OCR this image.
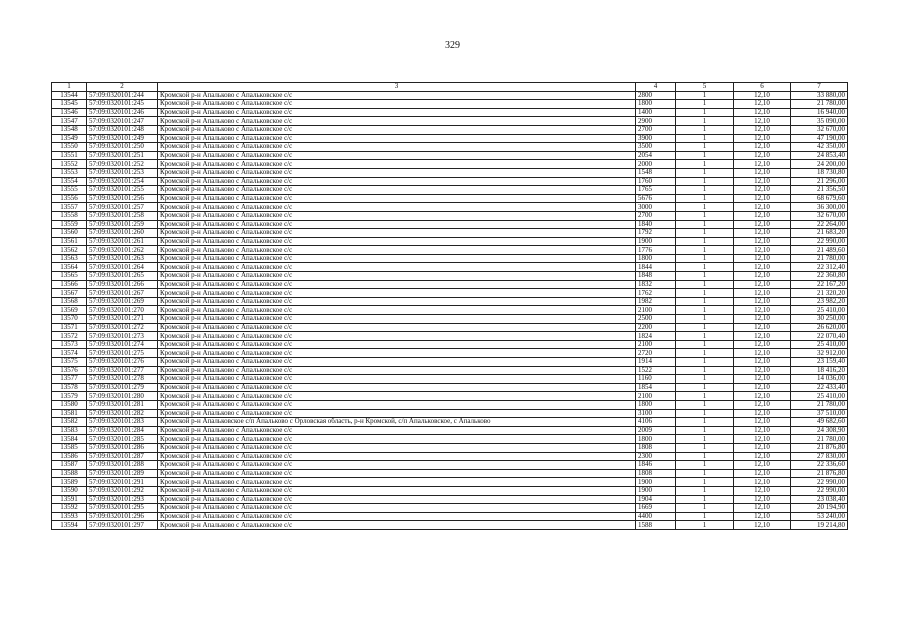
329
1	2	3	4	5	6	7
13544	57:09:0320101:244	Кромской р-н Апальково с Апальковское с/с	2800	1	12,10	33 880,00
13545	57:09:0320101:245	Кромской р-н Апальково с Апальковское с/с	1800	1	12,10	21 780,00
13546	57:09:0320101:246	Кромской р-н Апальково с Апальковское с/с	1400	1	12,10	16 940,00
13547	57:09:0320101:247	Кромской р-н Апальково с Апальковское с/с	2900	1	12,10	35 090,00
13548	57:09:0320101:248	Кромской р-н Апальково с Апальковское с/с	2700	1	12,10	32 670,00
13549	57:09:0320101:249	Кромской р-н Апальково с Апальковское с/с	3900	1	12,10	47 190,00
13550	57:09:0320101:250	Кромской р-н Апальково с Апальковское с/с	3500	1	12,10	42 350,00
13551	57:09:0320101:251	Кромской р-н Апальково с Апальковское с/с	2054	1	12,10	24 853,40
13552	57:09:0320101:252	Кромской р-н Апальково с Апальковское с/с	2000	1	12,10	24 200,00
13553	57:09:0320101:253	Кромской р-н Апальково с Апальковское с/с	1548	1	12,10	18 730,80
13554	57:09:0320101:254	Кромской р-н Апальково с Апальковское с/с	1760	1	12,10	21 296,00
13555	57:09:0320101:255	Кромской р-н Апальково с Апальковское с/с	1765	1	12,10	21 356,50
13556	57:09:0320101:256	Кромской р-н Апальково с Апальковское с/с	5676	1	12,10	68 679,60
13557	57:09:0320101:257	Кромской р-н Апальково с Апальковское с/с	3000	1	12,10	36 300,00
13558	57:09:0320101:258	Кромской р-н Апальково с Апальковское с/с	2700	1	12,10	32 670,00
13559	57:09:0320101:259	Кромской р-н Апальково с Апальковское с/с	1840	1	12,10	22 264,00
13560	57:09:0320101:260	Кромской р-н Апальково с Апальковское с/с	1792	1	12,10	21 683,20
13561	57:09:0320101:261	Кромской р-н Апальково с Апальковское с/с	1900	1	12,10	22 990,00
13562	57:09:0320101:262	Кромской р-н Апальково с Апальковское с/с	1776	1	12,10	21 489,60
13563	57:09:0320101:263	Кромской р-н Апальково с Апальковское с/с	1800	1	12,10	21 780,00
13564	57:09:0320101:264	Кромской р-н Апальково с Апальковское с/с	1844	1	12,10	22 312,40
13565	57:09:0320101:265	Кромской р-н Апальково с Апальковское с/с	1848	1	12,10	22 360,80
13566	57:09:0320101:266	Кромской р-н Апальково с Апальковское с/с	1832	1	12,10	22 167,20
13567	57:09:0320101:267	Кромской р-н Апальково с Апальковское с/с	1762	1	12,10	21 320,20
13568	57:09:0320101:269	Кромской р-н Апальково с Апальковское с/с	1982	1	12,10	23 982,20
13569	57:09:0320101:270	Кромской р-н Апальково с Апальковское с/с	2100	1	12,10	25 410,00
13570	57:09:0320101:271	Кромской р-н Апальково с Апальковское с/с	2500	1	12,10	30 250,00
13571	57:09:0320101:272	Кромской р-н Апальково с Апальковское с/с	2200	1	12,10	26 620,00
13572	57:09:0320101:273	Кромской р-н Апальково с Апальковское с/с	1824	1	12,10	22 070,40
13573	57:09:0320101:274	Кромской р-н Апальково с Апальковское с/с	2100	1	12,10	25 410,00
13574	57:09:0320101:275	Кромской р-н Апальково с Апальковское с/с	2720	1	12,10	32 912,00
13575	57:09:0320101:276	Кромской р-н Апальково с Апальковское с/с	1914	1	12,10	23 159,40
13576	57:09:0320101:277	Кромской р-н Апальково с Апальковское с/с	1522	1	12,10	18 416,20
13577	57:09:0320101:278	Кромской р-н Апальково с Апальковское с/с	1160	1	12,10	14 036,00
13578	57:09:0320101:279	Кромской р-н Апальково с Апальковское с/с	1854	1	12,10	22 433,40
13579	57:09:0320101:280	Кромской р-н Апальково с Апальковское с/с	2100	1	12,10	25 410,00
13580	57:09:0320101:281	Кромской р-н Апальково с Апальковское с/с	1800	1	12,10	21 780,00
13581	57:09:0320101:282	Кромской р-н Апальково с Апальковское с/с	3100	1	12,10	37 510,00
13582	57:09:0320101:283	Кромской р-н Апальковское с/п Апальково с Орловская область, р-н Кромской, с/п Апальковское, с Апальково	4106	1	12,10	49 682,60
13583	57:09:0320101:284	Кромской р-н Апальково с Апальковское с/с	2009	1	12,10	24 308,90
13584	57:09:0320101:285	Кромской р-н Апальково с Апальковское с/с	1800	1	12,10	21 780,00
13585	57:09:0320101:286	Кромской р-н Апальково с Апальковское с/с	1808	1	12,10	21 876,80
13586	57:09:0320101:287	Кромской р-н Апальково с Апальковское с/с	2300	1	12,10	27 830,00
13587	57:09:0320101:288	Кромской р-н Апальково с Апальковское с/с	1846	1	12,10	22 336,60
13588	57:09:0320101:289	Кромской р-н Апальково с Апальковское с/с	1808	1	12,10	21 876,80
13589	57:09:0320101:291	Кромской р-н Апальково с Апальковское с/с	1900	1	12,10	22 990,00
13590	57:09:0320101:292	Кромской р-н Апальково с Апальковское с/с	1900	1	12,10	22 990,00
13591	57:09:0320101:293	Кромской р-н Апальково с Апальковское с/с	1904	1	12,10	23 038,40
13592	57:09:0320101:295	Кромской р-н Апальково с Апальковское с/с	1669	1	12,10	20 194,90
13593	57:09:0320101:296	Кромской р-н Апальково с Апальковское с/с	4400	1	12,10	53 240,00
13594	57:09:0320101:297	Кромской р-н Апальково с Апальковское с/с	1588	1	12,10	19 214,80
